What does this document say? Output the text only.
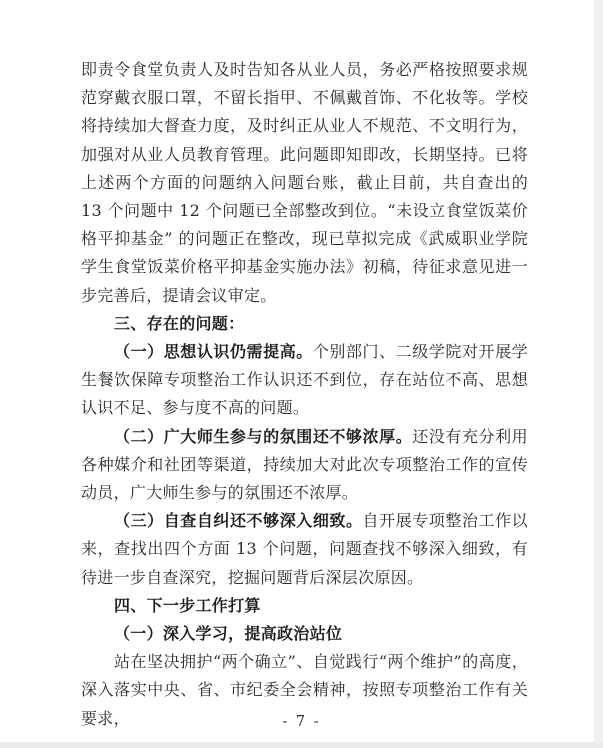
即责令食堂负责人及时告知各从业人员，务必严格按照要求规范穿戴衣服口罩，不留长指甲、不佩戴首饰、不化妆等。学校将持续加大督查力度，及时纠正从业人不规范、不文明行为，加强对从业人员教育管理。此问题即知即改，长期坚持。已将上述两个方面的问题纳入问题台账，截止目前，共自查出的 13 个问题中 12 个问题已全部整改到位。“未设立食堂饭菜价格平抑基金” 的问题正在整改，现已草拟完成《武威职业学院学生食堂饭菜价格平抑基金实施办法》初稿，待征求意见进一步完善后，提请会议审定。

三、存在的问题：

（一）思想认识仍需提高。个别部门、二级学院对开展学生餐饮保障专项整治工作认识还不到位，存在站位不高、思想认识不足、参与度不高的问题。

（二）广大师生参与的氛围还不够浓厚。还没有充分利用各种媒介和社团等渠道，持续加大对此次专项整治工作的宣传动员，广大师生参与的氛围还不浓厚。

（三）自查自纠还不够深入细致。自开展专项整治工作以来，查找出四个方面 13 个问题，问题查找不够深入细致，有待进一步自查深究，挖掘问题背后深层次原因。

四、下一步工作打算

（一）深入学习，提高政治站位

站在坚决拥护“两个确立”、自觉践行“两个维护”的高度，深入落实中央、省、市纪委全会精神，按照专项整治工作有关要求，	- 7 -
